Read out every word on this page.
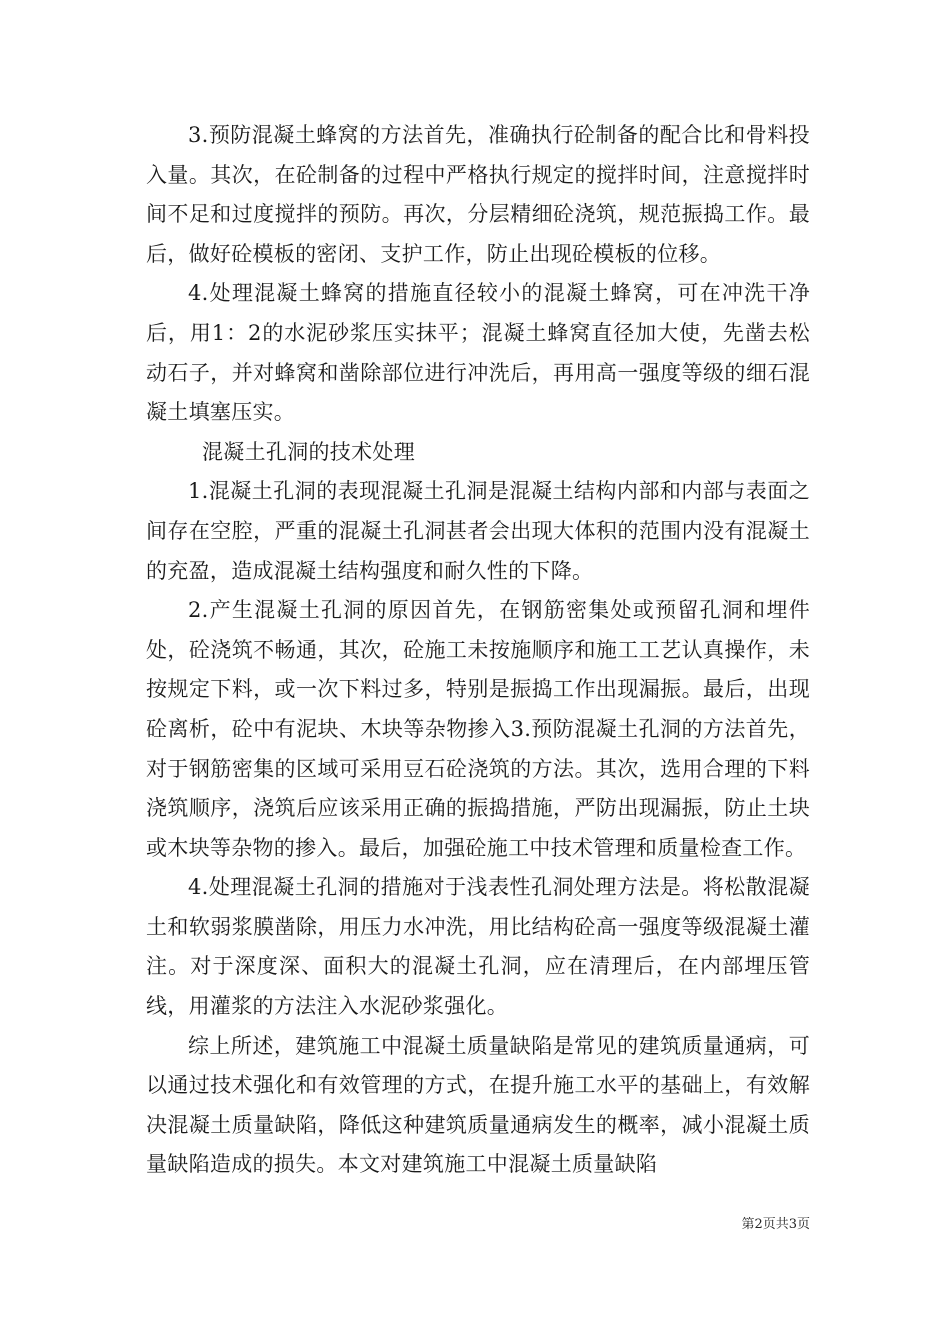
3.预防混凝土蜂窝的方法首先，准确执行砼制备的配合比和骨料投入量。其次，在砼制备的过程中严格执行规定的搅拌时间，注意搅拌时间不足和过度搅拌的预防。再次，分层精细砼浇筑，规范振捣工作。最后，做好砼模板的密闭、支护工作，防止出现砼模板的位移。

4.处理混凝土蜂窝的措施直径较小的混凝土蜂窝，可在冲洗干净后，用1：2的水泥砂浆压实抹平；混凝土蜂窝直径加大使，先凿去松动石子，并对蜂窝和凿除部位进行冲洗后，再用高一强度等级的细石混凝土填塞压实。

混凝土孔洞的技术处理

1.混凝土孔洞的表现混凝土孔洞是混凝土结构内部和内部与表面之间存在空腔，严重的混凝土孔洞甚者会出现大体积的范围内没有混凝土的充盈，造成混凝土结构强度和耐久性的下降。

2.产生混凝土孔洞的原因首先，在钢筋密集处或预留孔洞和埋件处，砼浇筑不畅通，其次，砼施工未按施顺序和施工工艺认真操作，未按规定下料，或一次下料过多，特别是振捣工作出现漏振。最后，出现砼离析，砼中有泥块、木块等杂物掺入3.预防混凝土孔洞的方法首先，对于钢筋密集的区域可采用豆石砼浇筑的方法。其次，选用合理的下料浇筑顺序，浇筑后应该采用正确的振捣措施，严防出现漏振，防止土块或木块等杂物的掺入。最后，加强砼施工中技术管理和质量检查工作。

4.处理混凝土孔洞的措施对于浅表性孔洞处理方法是。将松散混凝土和软弱浆膜凿除，用压力水冲洗，用比结构砼高一强度等级混凝土灌注。对于深度深、面积大的混凝土孔洞，应在清理后，在内部埋压管线，用灌浆的方法注入水泥砂浆强化。

综上所述，建筑施工中混凝土质量缺陷是常见的建筑质量通病，可以通过技术强化和有效管理的方式，在提升施工水平的基础上，有效解决混凝土质量缺陷，降低这种建筑质量通病发生的概率，减小混凝土质量缺陷造成的损失。本文对建筑施工中混凝土质量缺陷

第2页共3页
